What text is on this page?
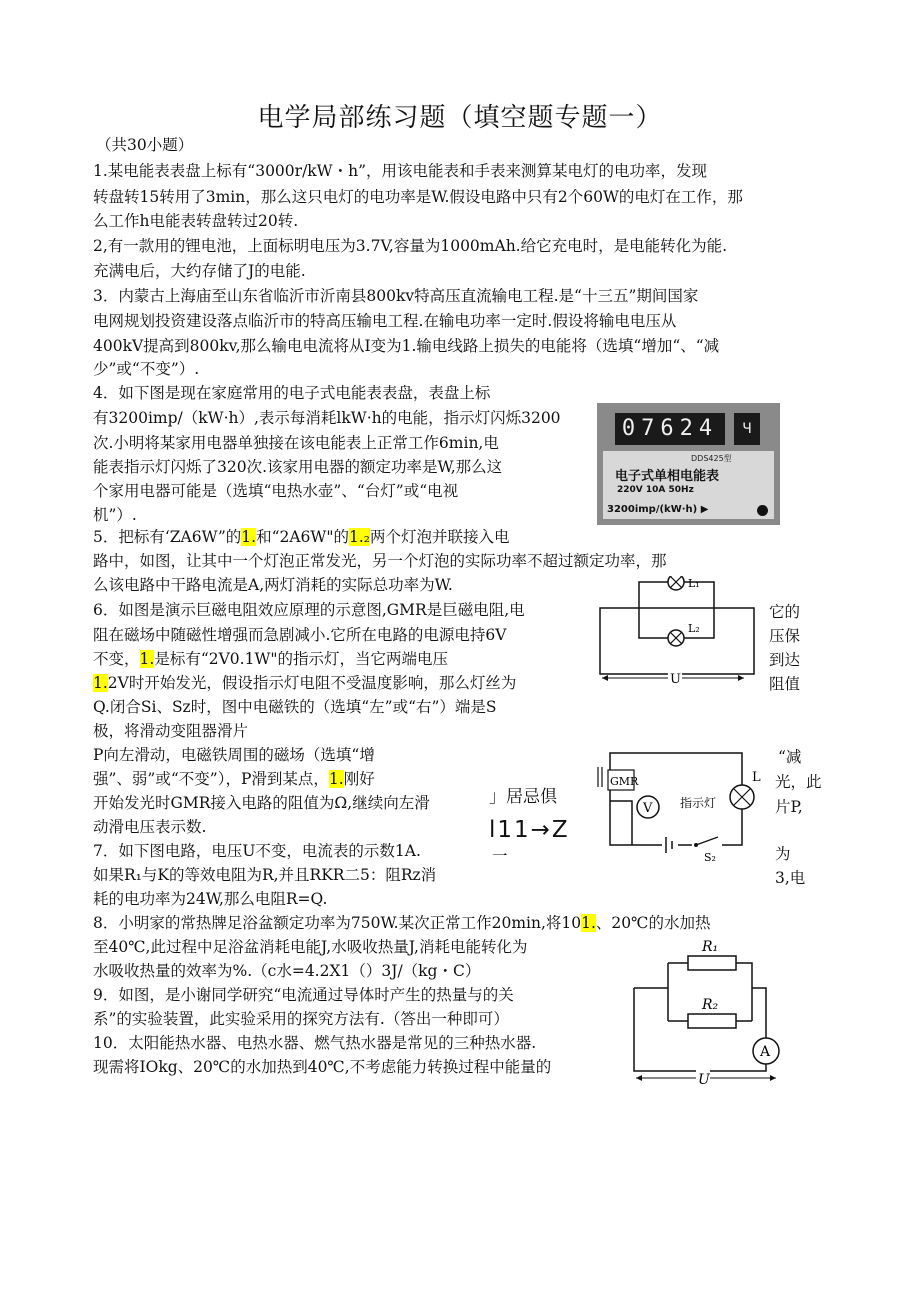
电学局部练习题（填空题专题一）
（共30小题）
1.某电能表表盘上标有“3000r/kW・h”，用该电能表和手表来测算某电灯的电功率，发现
转盘转15转用了3min，那么这只电灯的电功率是W.假设电路中只有2个60W的电灯在工作，那
么工作h电能表转盘转过20转.
2,有一款用的锂电池，上面标明电压为3.7V,容量为1000mAh.给它充电时，是电能转化为能.
充满电后，大约存储了J的电能.
3．内蒙古上海庙至山东省临沂市沂南县800kv特高压直流输电工程.是“十三五”期间国家
电网规划投资建设落点临沂市的特高压输电工程.在输电功率一定时.假设将输电电压从
400kV提高到800kv,那么输电电流将从I变为1.输电线路上损失的电能将（选填“增加“、“减
少”或“不变”）.
4．如下图是现在家庭常用的电子式电能表表盘，表盘上标
有3200imp/（kW·h）,表示每消耗lkW·h的电能，指示灯闪烁3200
次.小明将某家用电器单独接在该电能表上正常工作6min,电
能表指示灯闪烁了320次.该家用电器的额定功率是W,那么这
个家用电器可能是（选填“电热水壶”、“台灯”或“电视
机”）.
5．把标有‘ZA6W”的1.和“2A6W"的1.₂两个灯泡并联接入电
路中，如图，让其中一个灯泡正常发光，另一个灯泡的实际功率不超过额定功率，那
么该电路中干路电流是A,两灯消耗的实际总功率为W.
6．如图是演示巨磁电阻效应原理的示意图,GMR是巨磁电阻,电
阻在磁场中随磁性增强而急剧减小.它所在电路的电源电持6V
不变，1.是标有“2V0.1W"的指示灯，当它两端电压
1.2V时开始发光，假设指示灯电阻不受温度影响，那么灯丝为
Q.闭合Si、Sz时，图中电磁铁的（选填“左”或“右”）端是S
极，将滑动变阻器滑片
P向左滑动，电磁铁周围的磁场（选填“增
强”、弱”或“不变”），P滑到某点，1.刚好
开始发光时GMR接入电路的阻值为Ω,继续向左滑
动滑电压表示数.
7．如下图电路，电压U不变，电流表的示数1A.
如果R₁与K的等效电阻为R,并且RKR二5：阻Rz消
耗的电功率为24W,那么电阻R=Q.
8．小明家的常热牌足浴盆额定功率为750W.某次正常工作20min,将101.、20℃的水加热
至40℃,此过程中足浴盆消耗电能J,水吸收热量J,消耗电能转化为
水吸收热量的效率为%.（c水=4.2X1（）3J/（kg・C）
9．如图，是小谢同学研究“电流通过导体时产生的热量与的关
系”的实验装置，此实验采用的探究方法有.（答出一种即可）
10．太阳能热水器、电热水器、燃气热水器是常见的三种热水器.
现需将IOkg、20℃的水加热到40℃,不考虑能力转换过程中能量的
它的
压保
到达
阻值
“减
光，此
片P,
为
3,电
」居忌倶
l11→Z
一
07624	Ч
DDS425型
电子式单相电能表
220V 10A 50Hz
3200imp/(kW·h) ▶
L₁
L₂
U
GMR
V 指示灯
L
S₂
R₁
R₂
A
U
